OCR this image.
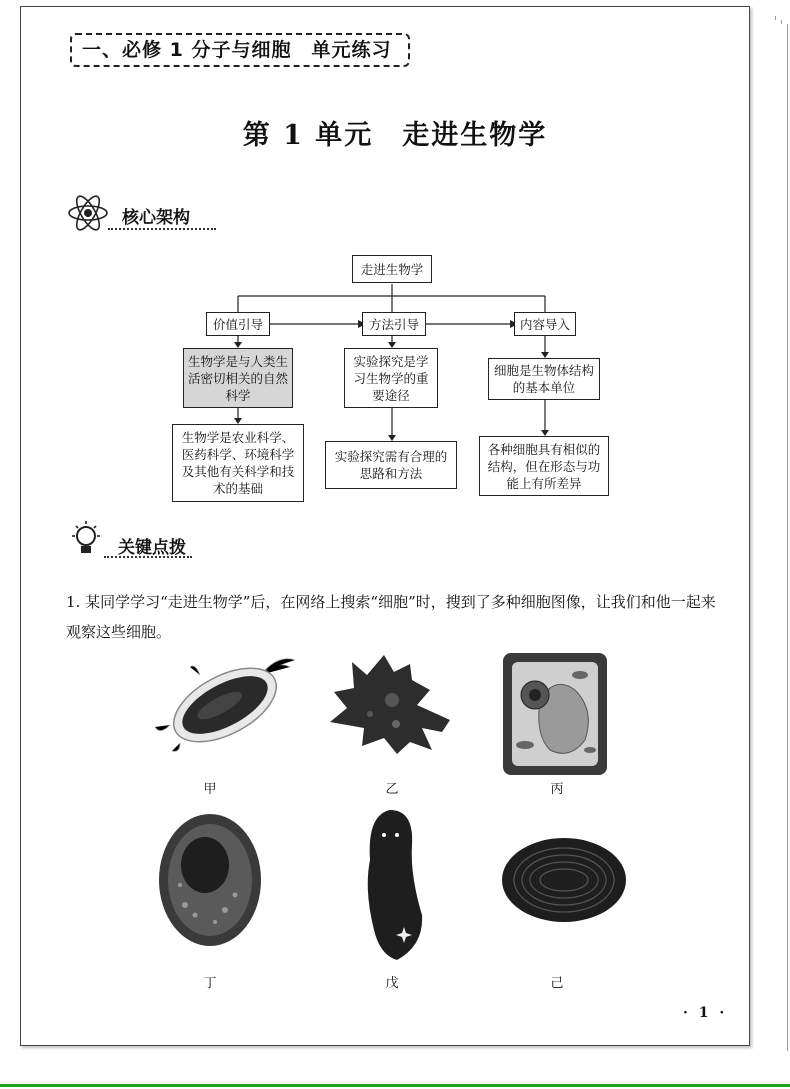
一、必修 1 分子与细胞　单元练习
第 1 单元　走进生物学
核心架构
走进生物学
价值引导	方法引导	内容导入
生物学是与人类生活密切相关的自然科学
实验探究是学习生物学的重要途径
细胞是生物体结构的基本单位
生物学是农业科学、医药科学、环境科学及其他有关科学和技术的基础
实验探究需有合理的思路和方法
各种细胞具有相似的结构，但在形态与功能上有所差异
关键点拨
1. 某同学学习“走进生物学”后，在网络上搜索“细胞”时，搜到了多种细胞图像，让我们和他一起来观察这些细胞。
甲	乙	丙
丁	戊	己
· 1 ·
